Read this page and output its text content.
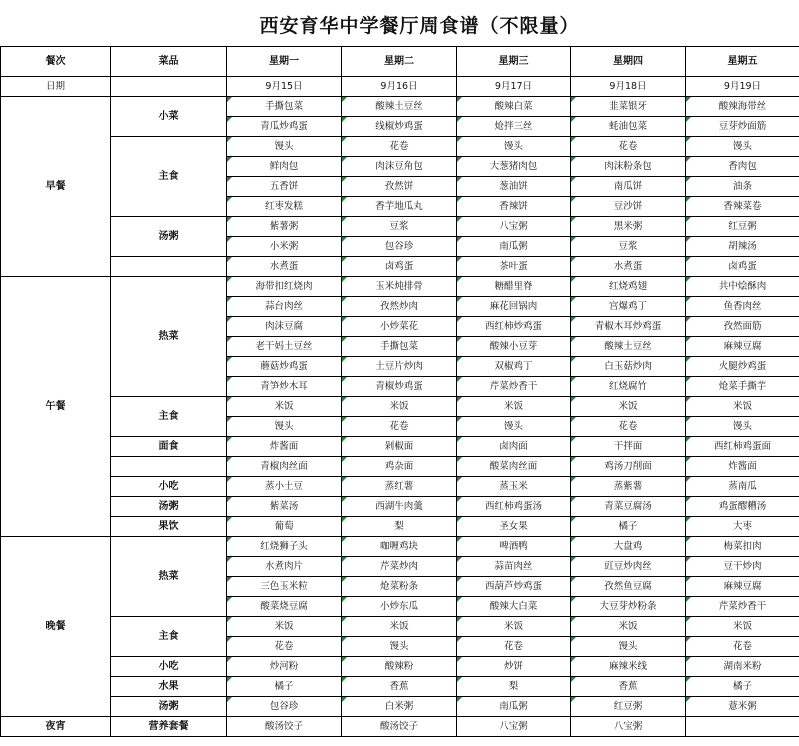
西安育华中学餐厅周食谱（不限量）
餐次	菜品	星期一	星期二	星期三	星期四	星期五
日期		9月15日	9月16日	9月17日	9月18日	9月19日
早餐	小菜	手撕包菜	酸辣土豆丝	酸辣白菜	韭菜银牙	酸辣海带丝

青瓜炒鸡蛋	线椒炒鸡蛋	炝拌三丝	蚝油包菜	豆芽炒面筋
	主食	馒头	花卷	馒头	花卷	馒头

鲜肉包	肉沫豆角包	大葱猪肉包	肉沫粉条包	香肉包

五香饼	孜然饼	葱油饼	南瓜饼	油条

红枣发糕	香芋地瓜丸	香辣饼	豆沙饼	香辣菜卷
	汤粥	紫薯粥	豆浆	八宝粥	黑米粥	红豆粥

小米粥	包谷珍	南瓜粥	豆浆	胡辣汤

水煮蛋	卤鸡蛋	茶叶蛋	水煮蛋	卤鸡蛋
午餐	热菜	海带扣红烧肉	玉米炖排骨	糖醋里脊	红烧鸡翅	共中烩酥肉

蒜台肉丝	孜然炒肉	麻花回锅肉	宫爆鸡丁	鱼香肉丝

肉沫豆腐	小炒菜花	西红柿炒鸡蛋	青椒木耳炒鸡蛋	孜然面筋

老干妈土豆丝	手撕包菜	酸辣小豆芽	酸辣土豆丝	麻辣豆腐

蘑菇炒鸡蛋	土豆片炒肉	双椒鸡丁	白玉菇炒肉	火腿炒鸡蛋

青笋炒木耳	青椒炒鸡蛋	芹菜炒香干	红烧腐竹	炝菜手撕芋
	主食	米饭	米饭	米饭	米饭	米饭

馒头	花卷	馒头	花卷	馒头
	面食	炸酱面	剁椒面	卤肉面	干拌面	西红柿鸡蛋面

青椒肉丝面	鸡杂面	酸菜肉丝面	鸡汤刀削面	炸酱面
	小吃	蒸小土豆	蒸红薯	蒸玉米	蒸紫薯	蒸南瓜
	汤粥	紫菜汤	西湖牛肉羹	西红柿鸡蛋汤	青菜豆腐汤	鸡蛋醪糟汤
	果饮	葡萄	梨	圣女果	橘子	大枣
晚餐	热菜	红烧狮子头	咖喱鸡块	啤酒鸭	大盘鸡	梅菜扣肉

水煮肉片	芹菜炒肉	蒜苗肉丝	豇豆炒肉丝	豆干炒肉

三色玉米粒	炝菜粉条	西葫芦炒鸡蛋	孜然鱼豆腐	麻辣豆腐

酸菜烧豆腐	小炒东瓜	酸辣大白菜	大豆芽炒粉条	芹菜炒香干
	主食	米饭	米饭	米饭	米饭	米饭

花卷	馒头	花卷	馒头	花卷
	小吃	炒河粉	酸辣粉	炒饼	麻辣米线	湖南米粉
	水果	橘子	香蕉	梨	香蕉	橘子
	汤粥	包谷珍	白米粥	南瓜粥	红豆粥	薏米粥
夜宵	营养套餐	酸汤饺子	酸汤饺子	八宝粥	八宝粥	
